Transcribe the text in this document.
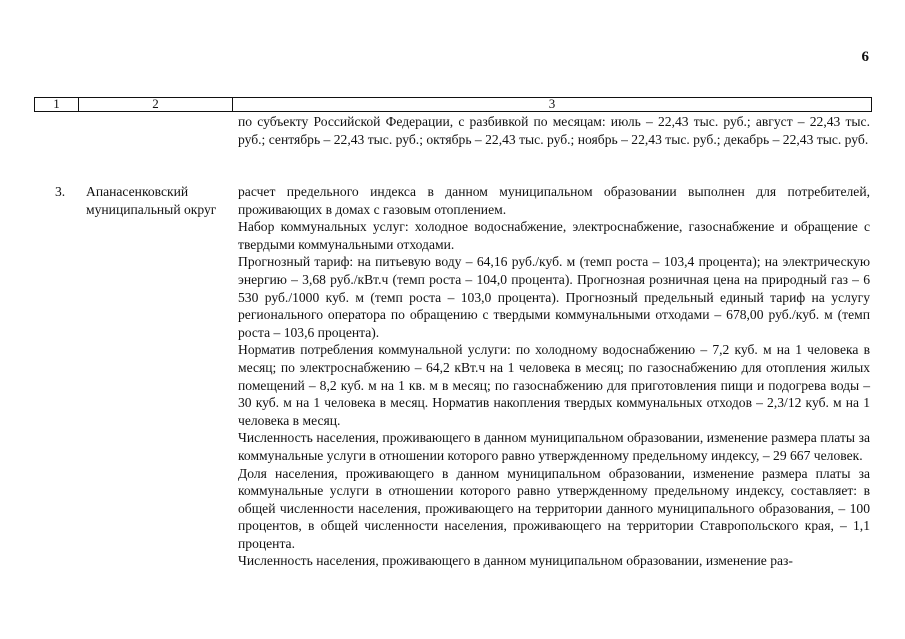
6
1	2	3

по субъекту Российской Федерации, с разбивкой по месяцам: июль – 22,43 тыс. руб.; август – 22,43 тыс. руб.; сентябрь – 22,43 тыс. руб.; октябрь – 22,43 тыс. руб.; ноябрь – 22,43 тыс. руб.; декабрь – 22,43 тыс. руб.

3. Апанасенковский муниципальный округ

расчет предельного индекса в данном муниципальном образовании выполнен для потребителей, проживающих в домах с газовым отоплением.

Набор коммунальных услуг: холодное водоснабжение, электроснабжение, газоснабжение и обращение с твердыми коммунальными отходами.

Прогнозный тариф: на питьевую воду – 64,16 руб./куб. м (темп роста – 103,4 процента); на электрическую энергию – 3,68 руб./кВт.ч (темп роста – 104,0 процента). Прогнозная розничная цена на природный газ – 6 530 руб./1000 куб. м (темп роста – 103,0 процента). Прогнозный предельный единый тариф на услугу регионального оператора по обращению с твердыми коммунальными отходами – 678,00 руб./куб. м (темп роста – 103,6 процента).

Норматив потребления коммунальной услуги: по холодному водоснабжению – 7,2 куб. м на 1 человека в месяц; по электроснабжению – 64,2 кВт.ч на 1 человека в месяц; по газоснабжению для отопления жилых помещений – 8,2 куб. м на 1 кв. м в месяц; по газоснабжению для приготовления пищи и подогрева воды – 30 куб. м на 1 человека в месяц. Норматив накопления твердых коммунальных отходов – 2,3/12 куб. м на 1 человека в месяц.

Численность населения, проживающего в данном муниципальном образовании, изменение размера платы за коммунальные услуги в отношении которого равно утвержденному предельному индексу, – 29 667 человек.

Доля населения, проживающего в данном муниципальном образовании, изменение размера платы за коммунальные услуги в отношении которого равно утвержденному предельному индексу, составляет: в общей численности населения, проживающего на территории данного муниципального образования, – 100 процентов, в общей численности населения, проживающего на территории Ставропольского края, – 1,1 процента.

Численность населения, проживающего в данном муниципальном образовании, изменение раз-
